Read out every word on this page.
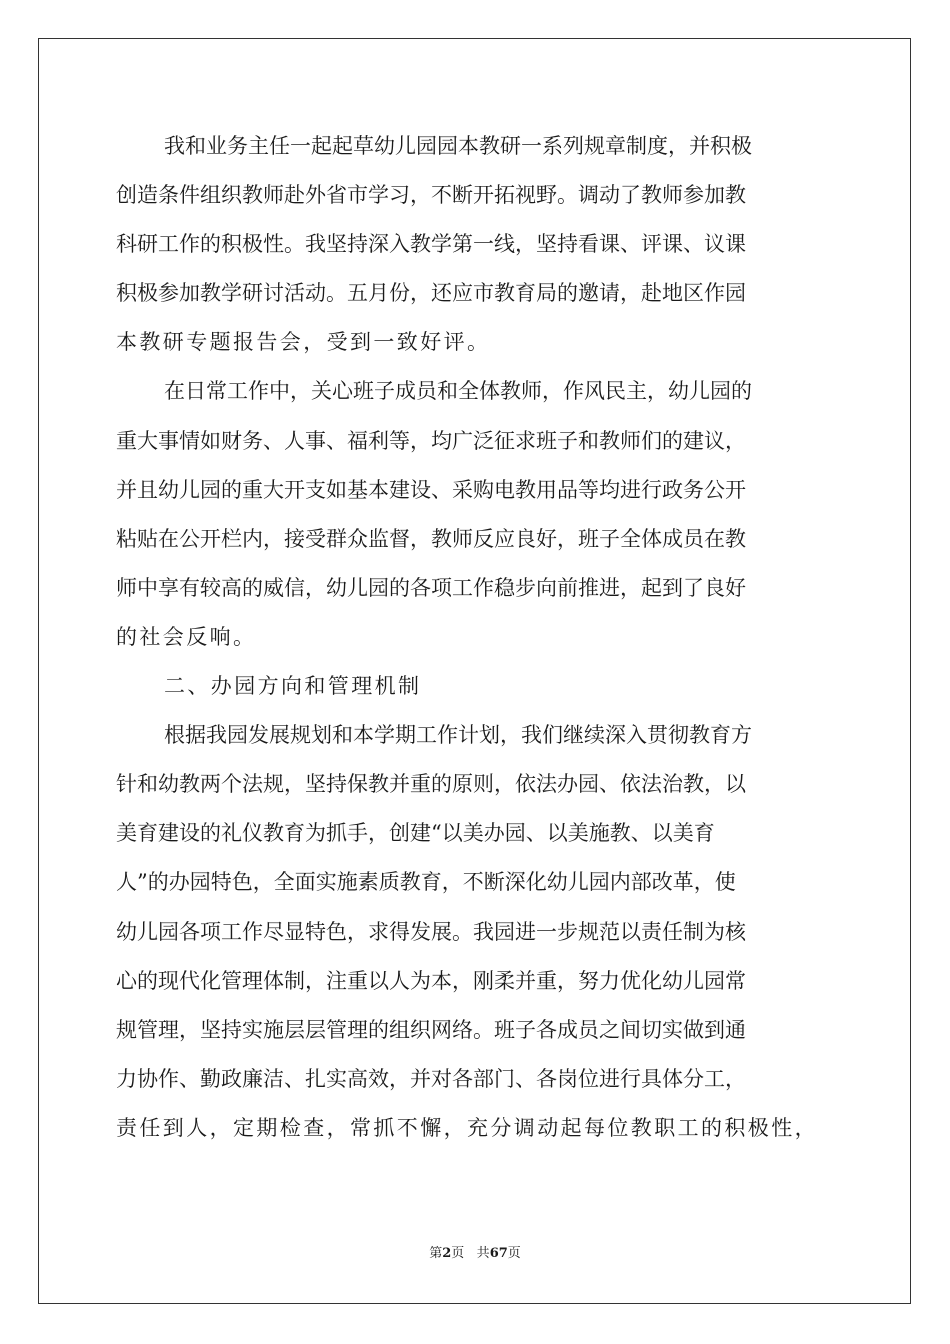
我和业务主任一起起草幼儿园园本教研一系列规章制度，并积极
创造条件组织教师赴外省市学习，不断开拓视野。调动了教师参加教
科研工作的积极性。我坚持深入教学第一线，坚持看课、评课、议课
积极参加教学研讨活动。五月份，还应市教育局的邀请，赴地区作园
本教研专题报告会，受到一致好评。
在日常工作中，关心班子成员和全体教师，作风民主，幼儿园的
重大事情如财务、人事、福利等，均广泛征求班子和教师们的建议，
并且幼儿园的重大开支如基本建设、采购电教用品等均进行政务公开
粘贴在公开栏内，接受群众监督，教师反应良好，班子全体成员在教
师中享有较高的威信，幼儿园的各项工作稳步向前推进，起到了良好
的社会反响。
二、办园方向和管理机制
根据我园发展规划和本学期工作计划，我们继续深入贯彻教育方
针和幼教两个法规，坚持保教并重的原则，依法办园、依法治教，以
美育建设的礼仪教育为抓手，创建“以美办园、以美施教、以美育
人”的办园特色，全面实施素质教育，不断深化幼儿园内部改革，使
幼儿园各项工作尽显特色，求得发展。我园进一步规范以责任制为核
心的现代化管理体制，注重以人为本，刚柔并重，努力优化幼儿园常
规管理，坚持实施层层管理的组织网络。班子各成员之间切实做到通
力协作、勤政廉洁、扎实高效，并对各部门、各岗位进行具体分工，
责任到人，定期检查，常抓不懈，充分调动起每位教职工的积极性，
第2页 共67页
